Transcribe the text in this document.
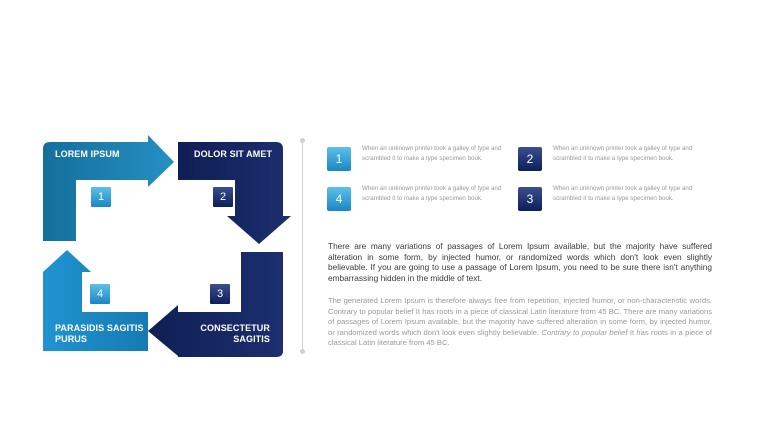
LOREM IPSUM	DOLOR SIT AMET
CONSECTETUR
SAGITIS
PARASIDIS SAGITIS
PURUS
1	2
3
4
1
When an unknown printer took a galley of type and scrambled it to make a type specimen book.	2
When an unknown printer took a galley of type and scrambled it to make a type specimen book.
4
When an unknown printer took a galley of type and scrambled it to make a type specimen book.	3
When an unknown printer took a galley of type and scrambled it to make a type specimen book.
There are many variations of passages of Lorem Ipsum available, but the majority have suffered alteration in some form, by injected humor, or randomized words which don't look even slightly believable. If you are going to use a passage of Lorem Ipsum, you need to be sure there isn't anything embarrassing hidden in the middle of text.
The generated Lorem Ipsum is therefore always free from repetition, injected humor, or non-characteristic words. Contrary to popular belief It has roots in a piece of classical Latin literature from 45 BC. There are many variations of passages of Lorem Ipsum available, but the majority have suffered alteration in some form, by injected humor, or randomized words which don't look even slightly believable. Contrary to popular belief It has roots in a piece of classical Latin literature from 45 BC.
